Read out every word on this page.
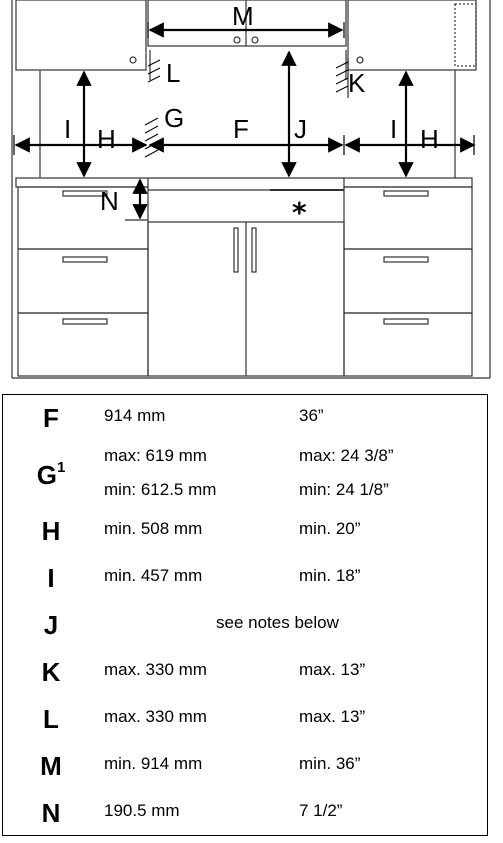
M
L	K
G F J
I H	I H
N	*
F	914 mm	36”
$G^1$
max: 619 mm	max: 24 3/8”
min: 612.5 mm	min: 24 1/8”
H	min. 508 mm	min. 20”
I	min. 457 mm	min. 18”
J	see notes below
K	max. 330 mm	max. 13”
L	max. 330 mm	max. 13”
M	min. 914 mm	min. 36”
N	190.5 mm	7 1/2”
